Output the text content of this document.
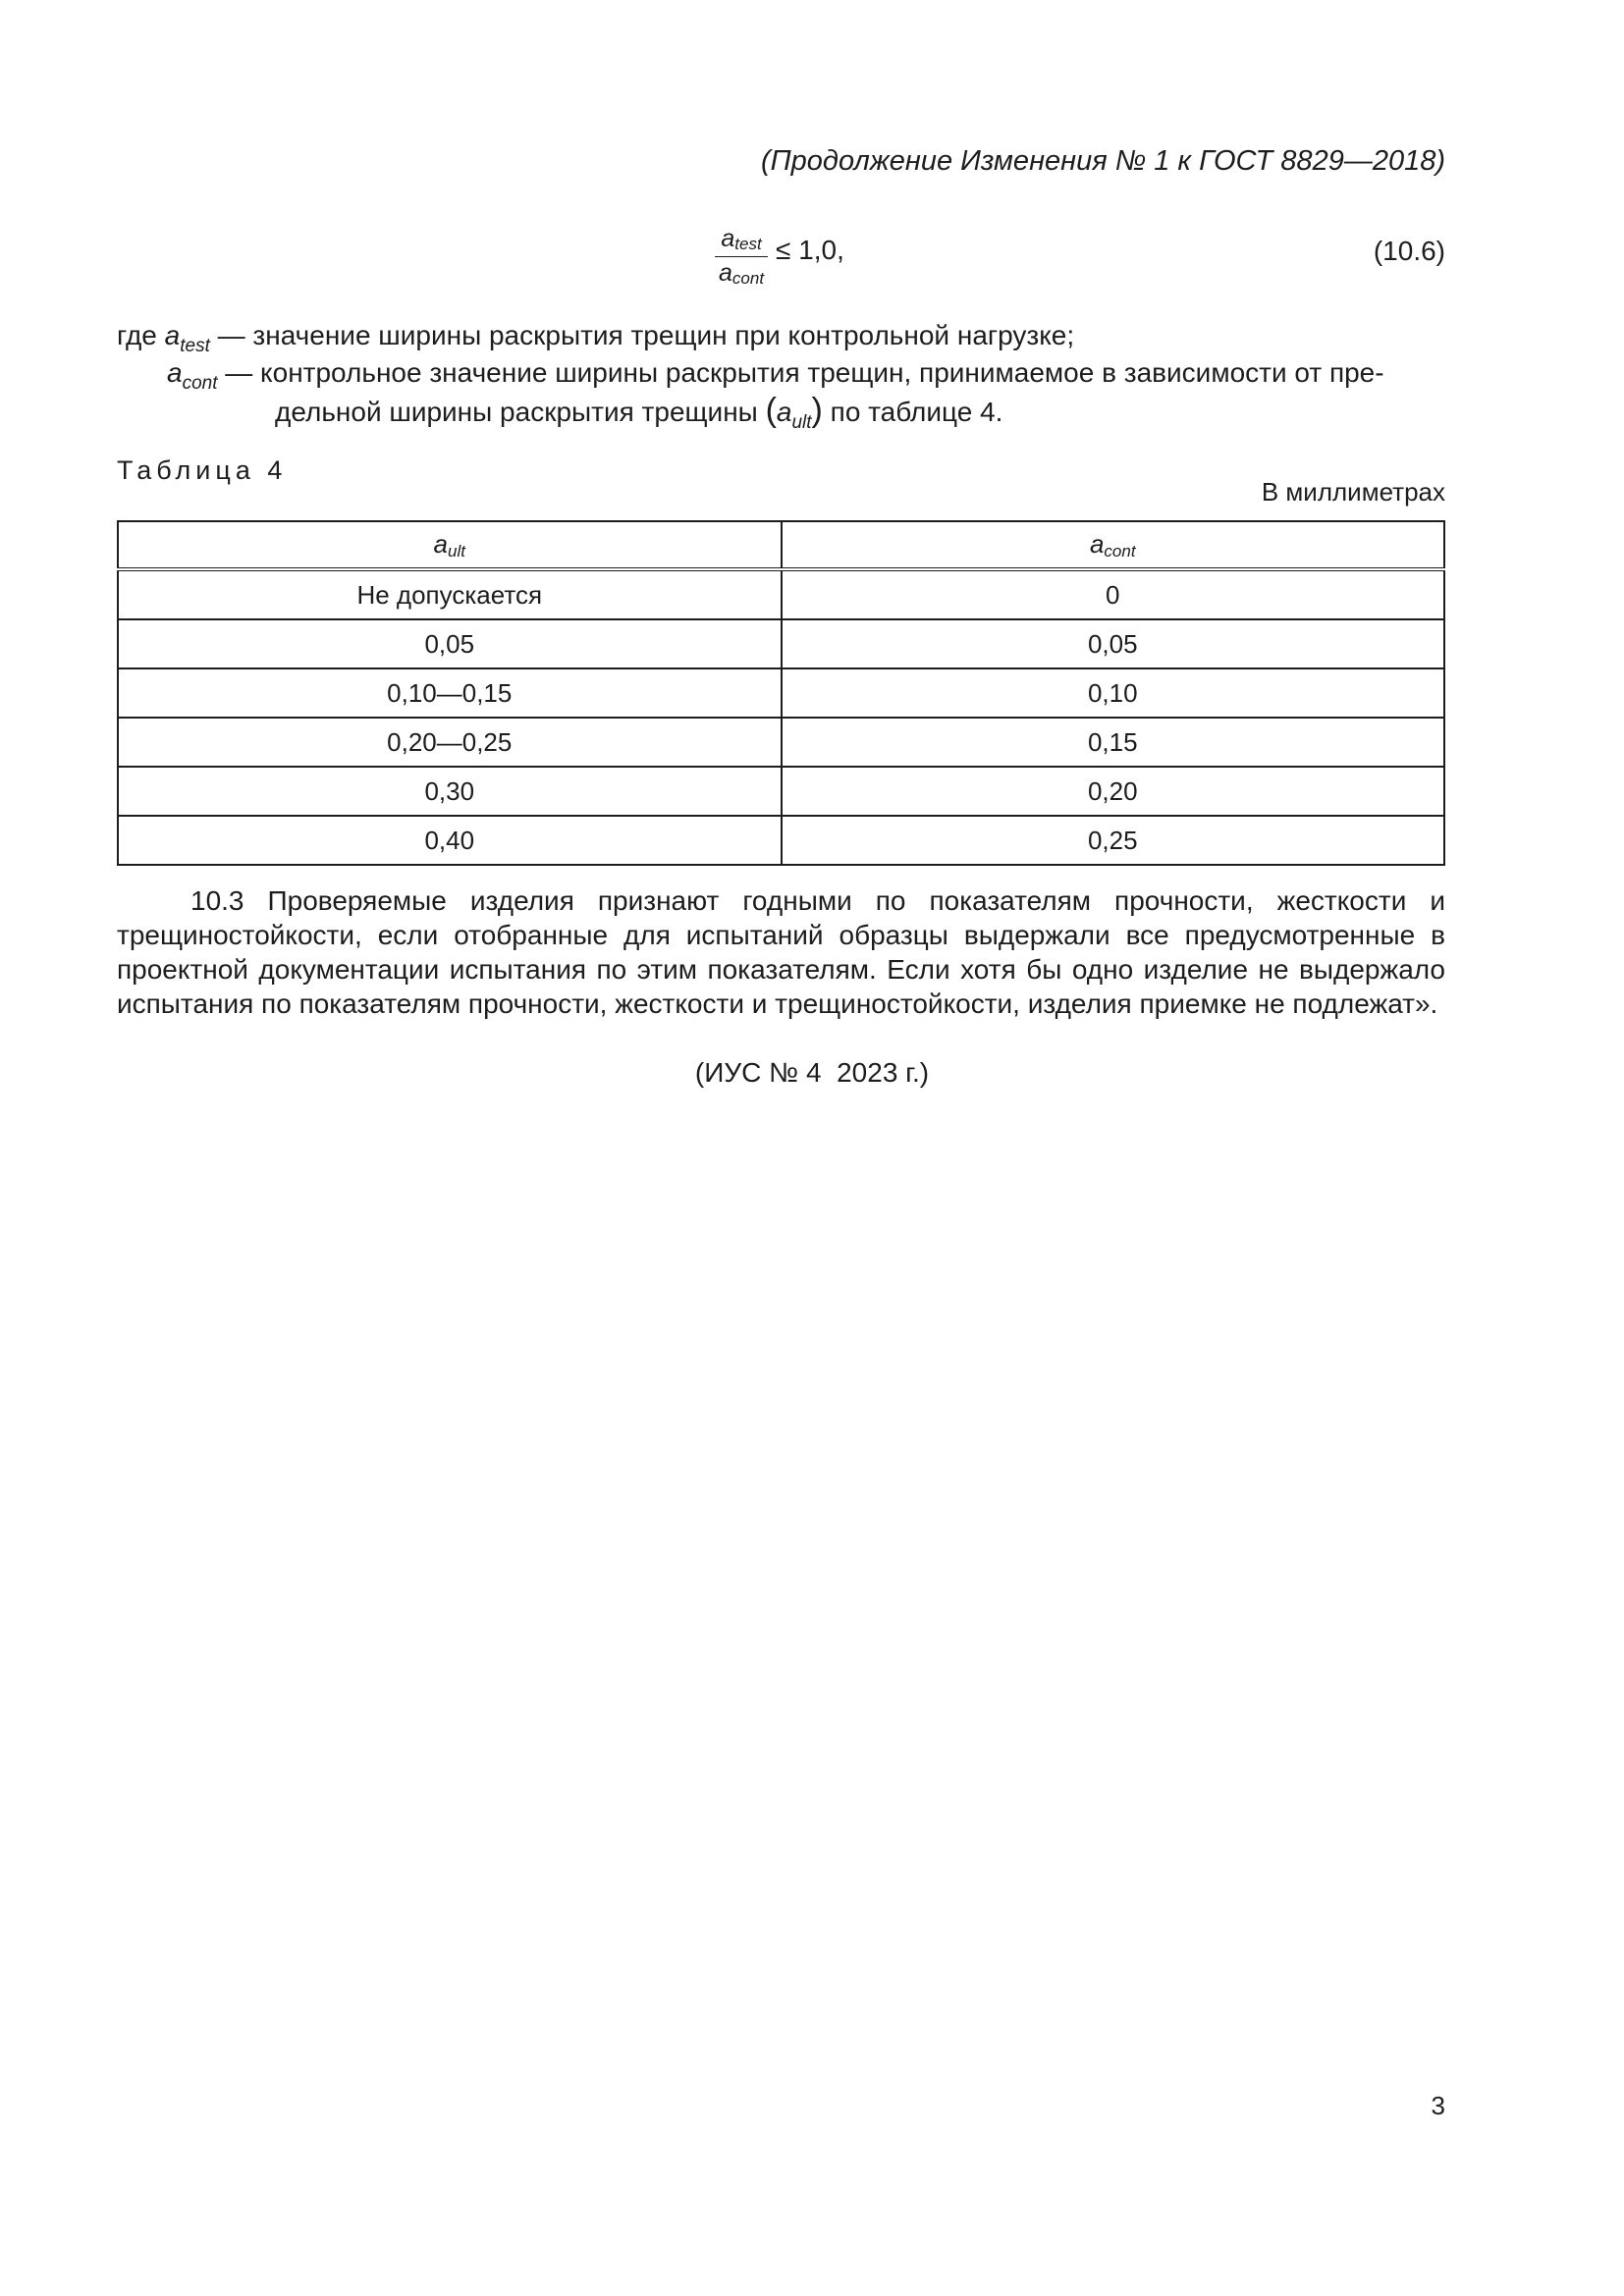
(Продолжение Изменения № 1 к ГОСТ 8829—2018)
$\frac{a_{test}}{a_{cont}} \le 1,0$,	(10.6)
где $a_{test}$ — значение ширины раскрытия трещин при контрольной нагрузке;
$a_{cont}$ — контрольное значение ширины раскрытия трещин, принимаемое в зависимости от пре-
дельной ширины раскрытия трещины $(a_{ult})$ по таблице 4.
Таблица 4
В миллиметрах
$a_{ult}$	$a_{cont}$
Не допускается	0
0,05	0,05
0,10—0,15	0,10
0,20—0,25	0,15
0,30	0,20
0,40	0,25
10.3 Проверяемые изделия признают годными по показателям прочности, жесткости и трещиностойкости, если отобранные для испытаний образцы выдержали все предусмотренные в проектной документации испытания по этим показателям. Если хотя бы одно изделие не выдержало испытания по показателям прочности, жесткости и трещиностойкости, изделия приемке не подлежат».
(ИУС № 4  2023 г.)
3
